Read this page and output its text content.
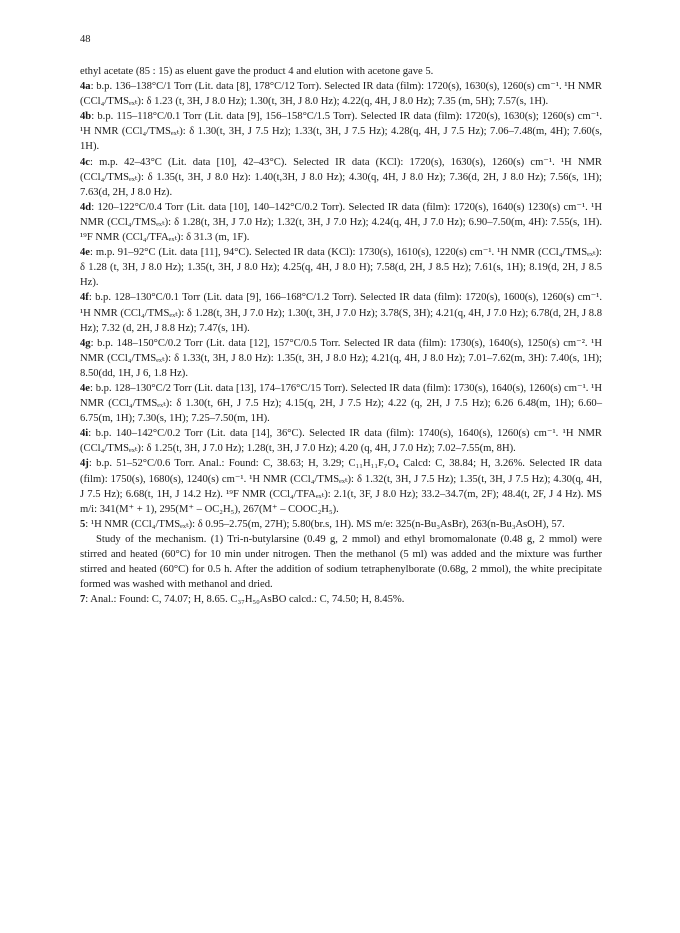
48

ethyl acetate (85 : 15) as eluent gave the product 4 and elution with acetone gave 5.

4a: b.p. 136–138°C/1 Torr (Lit. data [8], 178°C/12 Torr). Selected IR data (film): 1720(s), 1630(s), 1260(s) cm⁻¹. ¹H NMR (CCl₄/TMSₑₓₜ): δ 1.23 (t, 3H, J 8.0 Hz); 1.30(t, 3H, J 8.0 Hz); 4.22(q, 4H, J 8.0 Hz); 7.35 (m, 5H); 7.57(s, 1H).

4b: b.p. 115–118°C/0.1 Torr (Lit. data [9], 156–158°C/1.5 Torr). Selected IR data (film): 1720(s), 1630(s); 1260(s) cm⁻¹. ¹H NMR (CCl₄/TMSₑₓₜ): δ 1.30(t, 3H, J 7.5 Hz); 1.33(t, 3H, J 7.5 Hz); 4.28(q, 4H, J 7.5 Hz); 7.06–7.48(m, 4H); 7.60(s, 1H).

4c: m.p. 42–43°C (Lit. data [10], 42–43°C). Selected IR data (KCl): 1720(s), 1630(s), 1260(s) cm⁻¹. ¹H NMR (CCl₄/TMSₑₓₜ): δ 1.35(t, 3H, J 8.0 Hz): 1.40(t,3H, J 8.0 Hz); 4.30(q, 4H, J 8.0 Hz); 7.36(d, 2H, J 8.0 Hz); 7.56(s, 1H); 7.63(d, 2H, J 8.0 Hz).

4d: 120–122°C/0.4 Torr (Lit. data [10], 140–142°C/0.2 Torr). Selected IR data (film): 1720(s), 1640(s) 1230(s) cm⁻¹. ¹H NMR (CCl₄/TMSₑₓₜ): δ 1.28(t, 3H, J 7.0 Hz); 1.32(t, 3H, J 7.0 Hz); 4.24(q, 4H, J 7.0 Hz); 6.90–7.50(m, 4H): 7.55(s, 1H). ¹⁹F NMR (CCl₄/TFAₑₓₜ): δ 31.3 (m, 1F).

4e: m.p. 91–92°C (Lit. data [11], 94°C). Selected IR data (KCl): 1730(s), 1610(s), 1220(s) cm⁻¹. ¹H NMR (CCl₄/TMSₑₓₜ): δ 1.28 (t, 3H, J 8.0 Hz); 1.35(t, 3H, J 8.0 Hz); 4.25(q, 4H, J 8.0 H); 7.58(d, 2H, J 8.5 Hz); 7.61(s, 1H); 8.19(d, 2H, J 8.5 Hz).

4f: b.p. 128–130°C/0.1 Torr (Lit. data [9], 166–168°C/1.2 Torr). Selected IR data (film): 1720(s), 1600(s), 1260(s) cm⁻¹. ¹H NMR (CCl₄/TMSₑₓₜ): δ 1.28(t, 3H, J 7.0 Hz); 1.30(t, 3H, J 7.0 Hz); 3.78(S, 3H); 4.21(q, 4H, J 7.0 Hz); 6.78(d, 2H, J 8.8 Hz); 7.32 (d, 2H, J 8.8 Hz); 7.47(s, 1H).

4g: b.p. 148–150°C/0.2 Torr (Lit. data [12], 157°C/0.5 Torr. Selected IR data (film): 1730(s), 1640(s), 1250(s) cm⁻². ¹H NMR (CCl₄/TMSₑₓₜ): δ 1.33(t, 3H, J 8.0 Hz): 1.35(t, 3H, J 8.0 Hz); 4.21(q, 4H, J 8.0 Hz); 7.01–7.62(m, 3H): 7.40(s, 1H); 8.50(dd, 1H, J 6, 1.8 Hz).

4e: b.p. 128–130°C/2 Torr (Lit. data [13], 174–176°C/15 Torr). Selected IR data (film): 1730(s), 1640(s), 1260(s) cm⁻¹. ¹H NMR (CCl₄/TMSₑₓₜ): δ 1.30(t, 6H, J 7.5 Hz); 4.15(q, 2H, J 7.5 Hz); 4.22 (q, 2H, J 7.5 Hz); 6.26 6.48(m, 1H); 6.60–6.75(m, 1H); 7.30(s, 1H); 7.25–7.50(m, 1H).

4i: b.p. 140–142°C/0.2 Torr (Lit. data [14], 36°C). Selected IR data (film): 1740(s), 1640(s), 1260(s) cm⁻¹. ¹H NMR (CCl₄/TMSₑₓₜ): δ 1.25(t, 3H, J 7.0 Hz); 1.28(t, 3H, J 7.0 Hz); 4.20 (q, 4H, J 7.0 Hz); 7.02–7.55(m, 8H).

4j: b.p. 51–52°C/0.6 Torr. Anal.: Found: C, 38.63; H, 3.29; C₁₁H₁₁F₇O₄ Calcd: C, 38.84; H, 3.26%. Selected IR data (film): 1750(s), 1680(s), 1240(s) cm⁻¹. ¹H NMR (CCl₄/TMSₑₓₜ): δ 1.32(t, 3H, J 7.5 Hz); 1.35(t, 3H, J 7.5 Hz); 4.30(q, 4H, J 7.5 Hz); 6.68(t, 1H, J 14.2 Hz). ¹⁹F NMR (CCl₄/TFAₑₓₜ): 2.1(t, 3F, J 8.0 Hz); 33.2–34.7(m, 2F); 48.4(t, 2F, J 4 Hz). MS m/i: 341(M⁺ + 1), 295(M⁺ – OC₂H₅), 267(M⁺ – COOC₂H₅).

5: ¹H NMR (CCl₄/TMSₑₓₜ): δ 0.95–2.75(m, 27H); 5.80(br.s, 1H). MS m/e: 325(n-Bu₃AsBr), 263(n-Bu₃AsOH), 57.

Study of the mechanism. (1) Tri-n-butylarsine (0.49 g, 2 mmol) and ethyl bromomalonate (0.48 g, 2 mmol) were stirred and heated (60°C) for 10 min under nitrogen. Then the methanol (5 ml) was added and the mixture was further stirred and heated (60°C) for 0.5 h. After the addition of sodium tetraphenylborate (0.68g, 2 mmol), the white precipitate formed was washed with methanol and dried.

7: Anal.: Found: C, 74.07; H, 8.65. C₃₇H₅₀AsBO calcd.: C, 74.50; H, 8.45%.
